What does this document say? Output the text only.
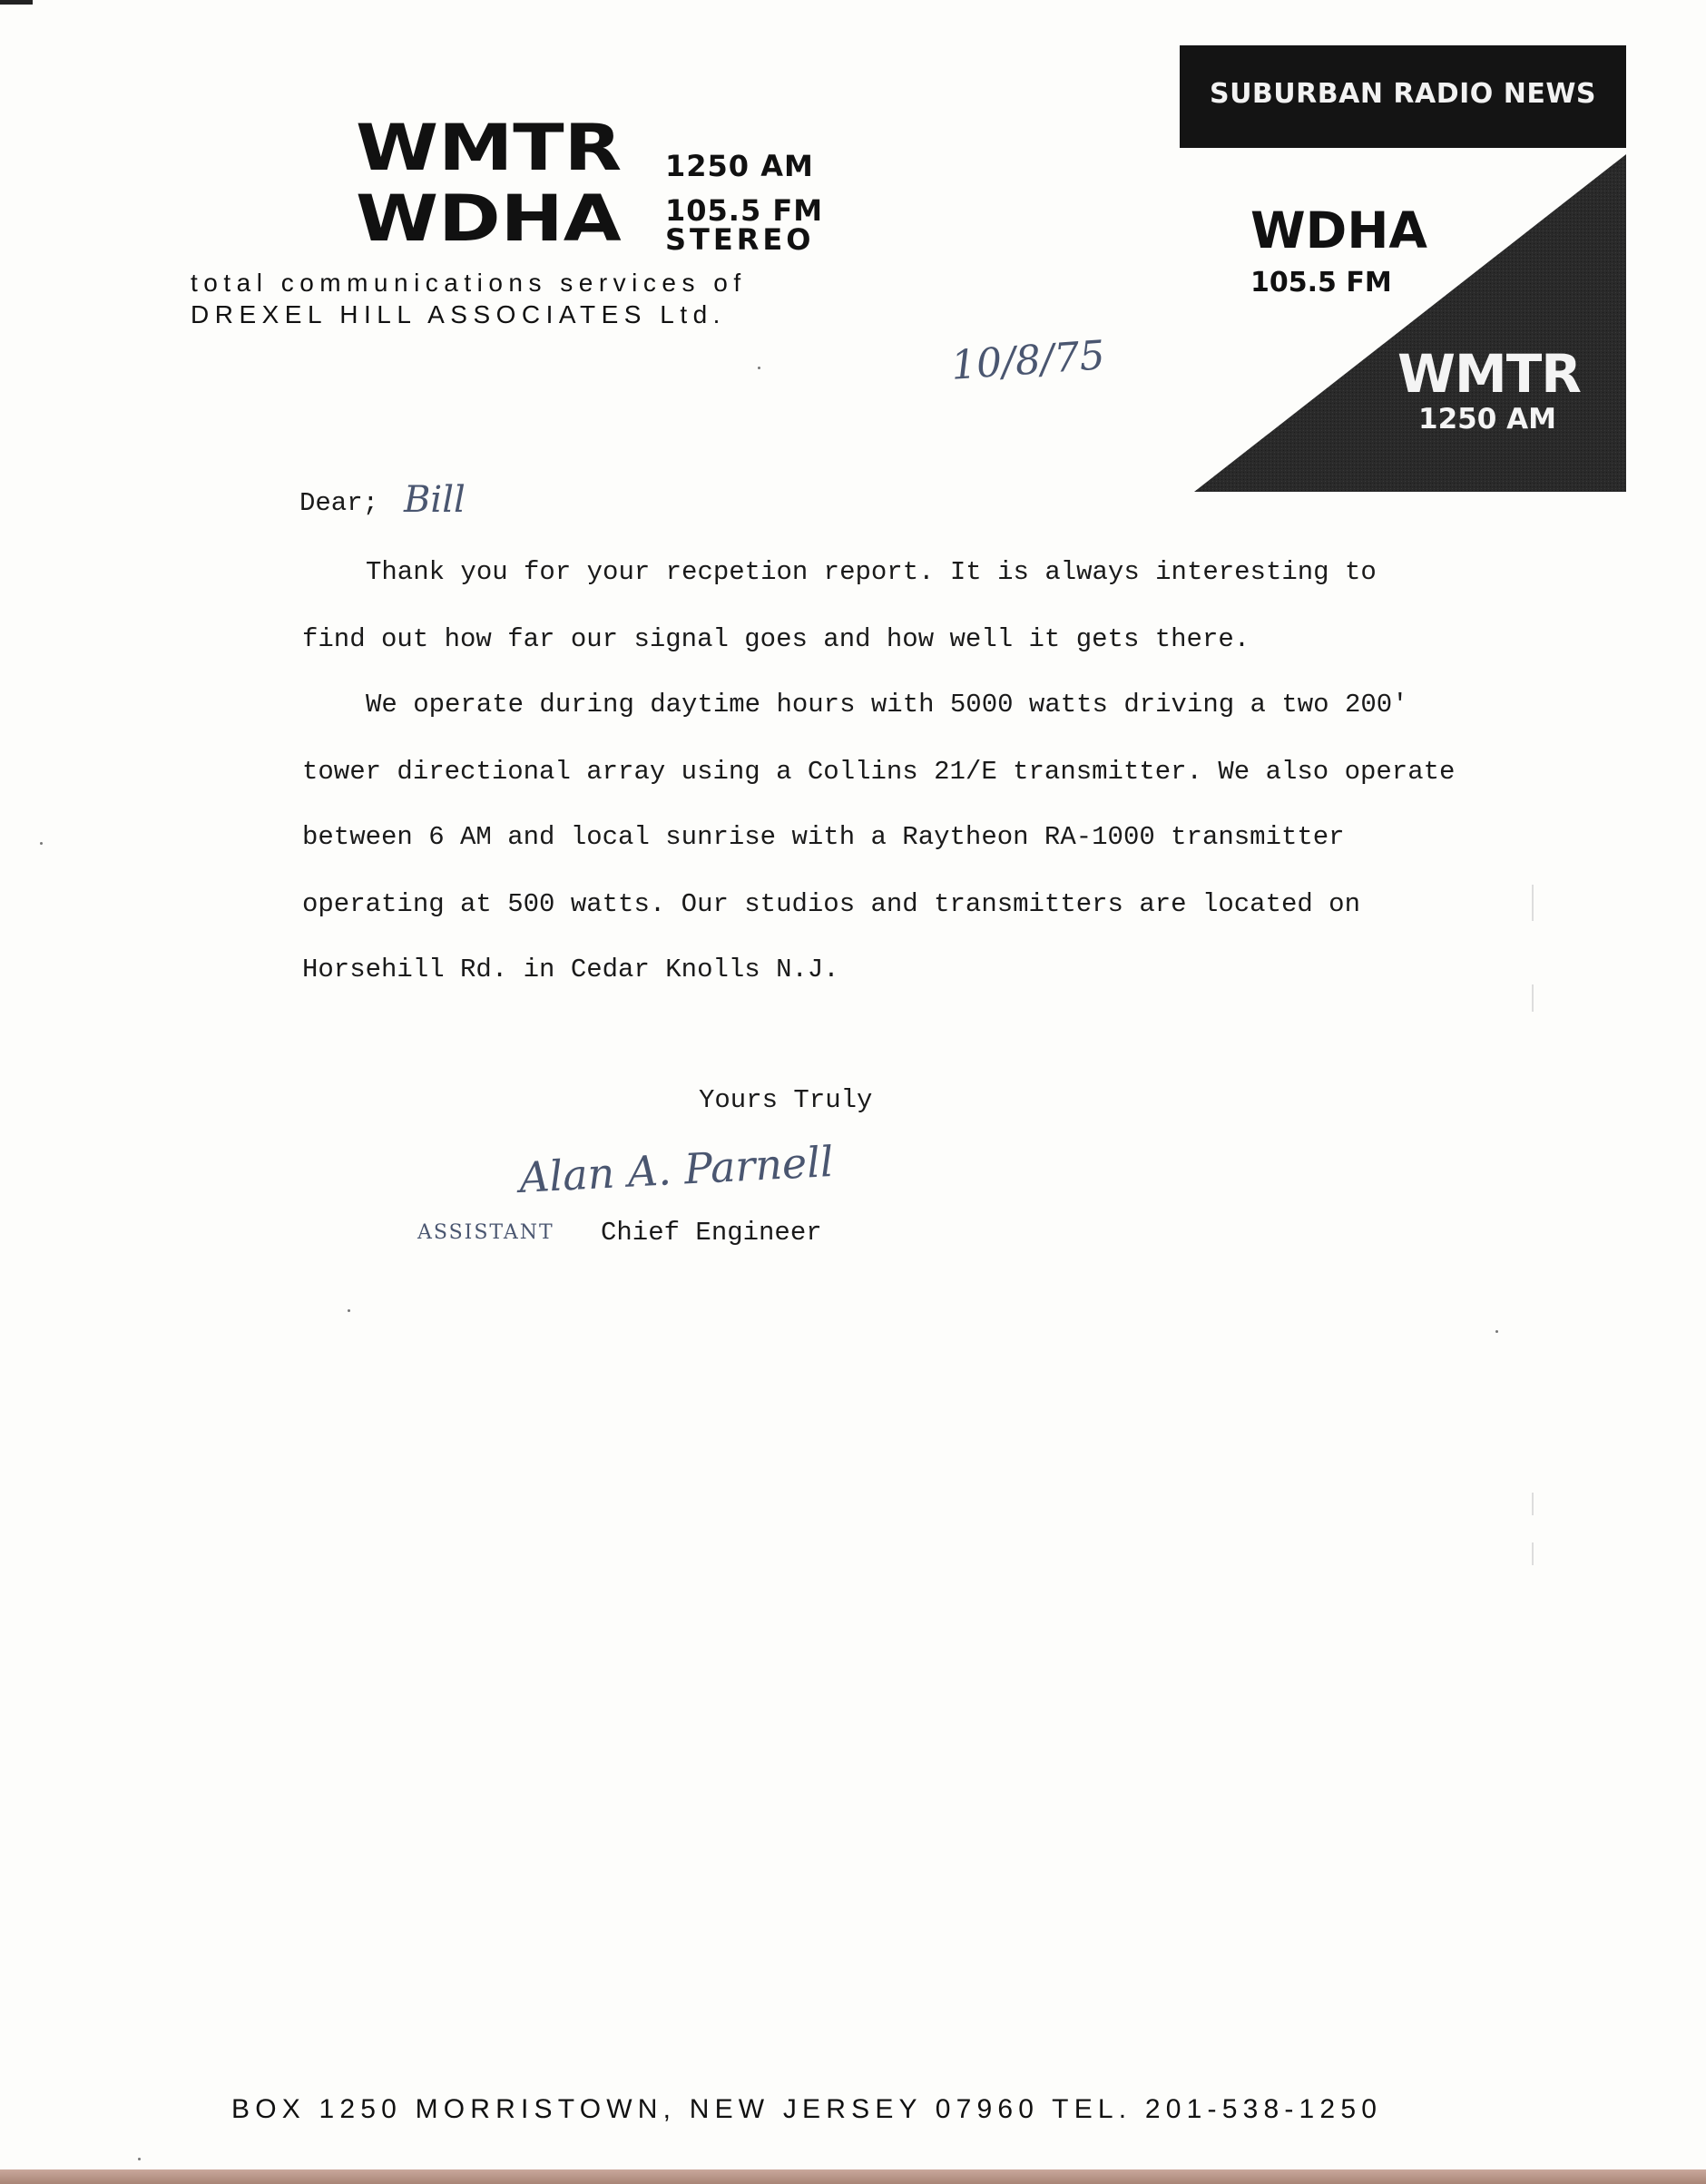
WMTR
WDHA
1250 AM
105.5 FM
STEREO
total communications services of
DREXEL HILL ASSOCIATES Ltd.
SUBURBAN RADIO NEWS
WDHA
105.5 FM
WMTR
1250 AM
10/8/75
Dear; Bill
Thank you for your recpetion report. It is always interesting to
find out how far our signal goes and how well it gets there.
We operate during daytime hours with 5000 watts driving a two 200'
tower directional array using a Collins 21/E transmitter. We also operate
between 6 AM and local sunrise with a Raytheon RA-1000 transmitter
operating at 500 watts. Our studios and transmitters are located on
Horsehill Rd. in Cedar Knolls N.J.
Yours Truly
Alan A. Parnell
ASSISTANT Chief Engineer
BOX 1250 MORRISTOWN, NEW JERSEY 07960 TEL. 201-538-1250
